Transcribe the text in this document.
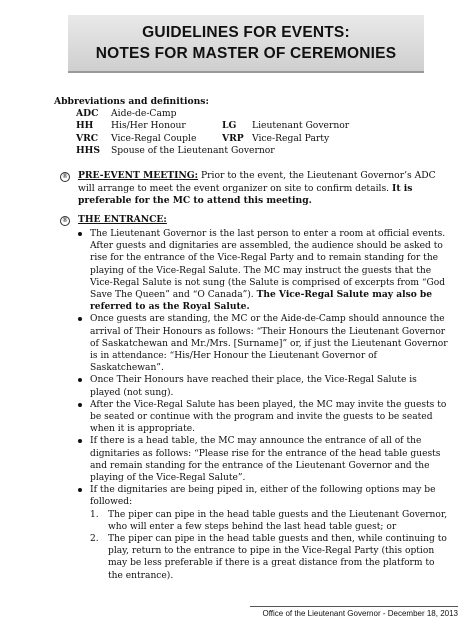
GUIDELINES FOR EVENTS:
NOTES FOR MASTER OF CEREMONIES
Abbreviations and definitions:
ADC Aide-de-Camp
HH His/Her Honour	LG Lieutenant Governor
VRC Vice-Regal Couple	VRP Vice-Regal Party
HHS Spouse of the Lieutenant Governor
® PRE-EVENT MEETING: Prior to the event, the Lieutenant Governor’s ADC will arrange to meet the event organizer on site to confirm details. It is preferable for the MC to attend this meeting.
® THE ENTRANCE:
The Lieutenant Governor is the last person to enter a room at official events. After guests and dignitaries are assembled, the audience should be asked to rise for the entrance of the Vice-Regal Party and to remain standing for the playing of the Vice-Regal Salute. The MC may instruct the guests that the Vice-Regal Salute is not sung (the Salute is comprised of excerpts from “God Save The Queen” and “O Canada”). The Vice-Regal Salute may also be referred to as the Royal Salute.
Once guests are standing, the MC or the Aide-de-Camp should announce the arrival of Their Honours as follows: “Their Honours the Lieutenant Governor of Saskatchewan and Mr./Mrs. [Surname]” or, if just the Lieutenant Governor is in attendance: “His/Her Honour the Lieutenant Governor of Saskatchewan”.
Once Their Honours have reached their place, the Vice-Regal Salute is played (not sung).
After the Vice-Regal Salute has been played, the MC may invite the guests to be seated or continue with the program and invite the guests to be seated when it is appropriate.
If there is a head table, the MC may announce the entrance of all of the dignitaries as follows: “Please rise for the entrance of the head table guests and remain standing for the entrance of the Lieutenant Governor and the playing of the Vice-Regal Salute”.
If the dignitaries are being piped in, either of the following options may be followed:
1. The piper can pipe in the head table guests and the Lieutenant Governor, who will enter a few steps behind the last head table guest; or
2. The piper can pipe in the head table guests and then, while continuing to play, return to the entrance to pipe in the Vice-Regal Party (this option may be less preferable if there is a great distance from the platform to the entrance).
Office of the Lieutenant Governor - December 18, 2013
